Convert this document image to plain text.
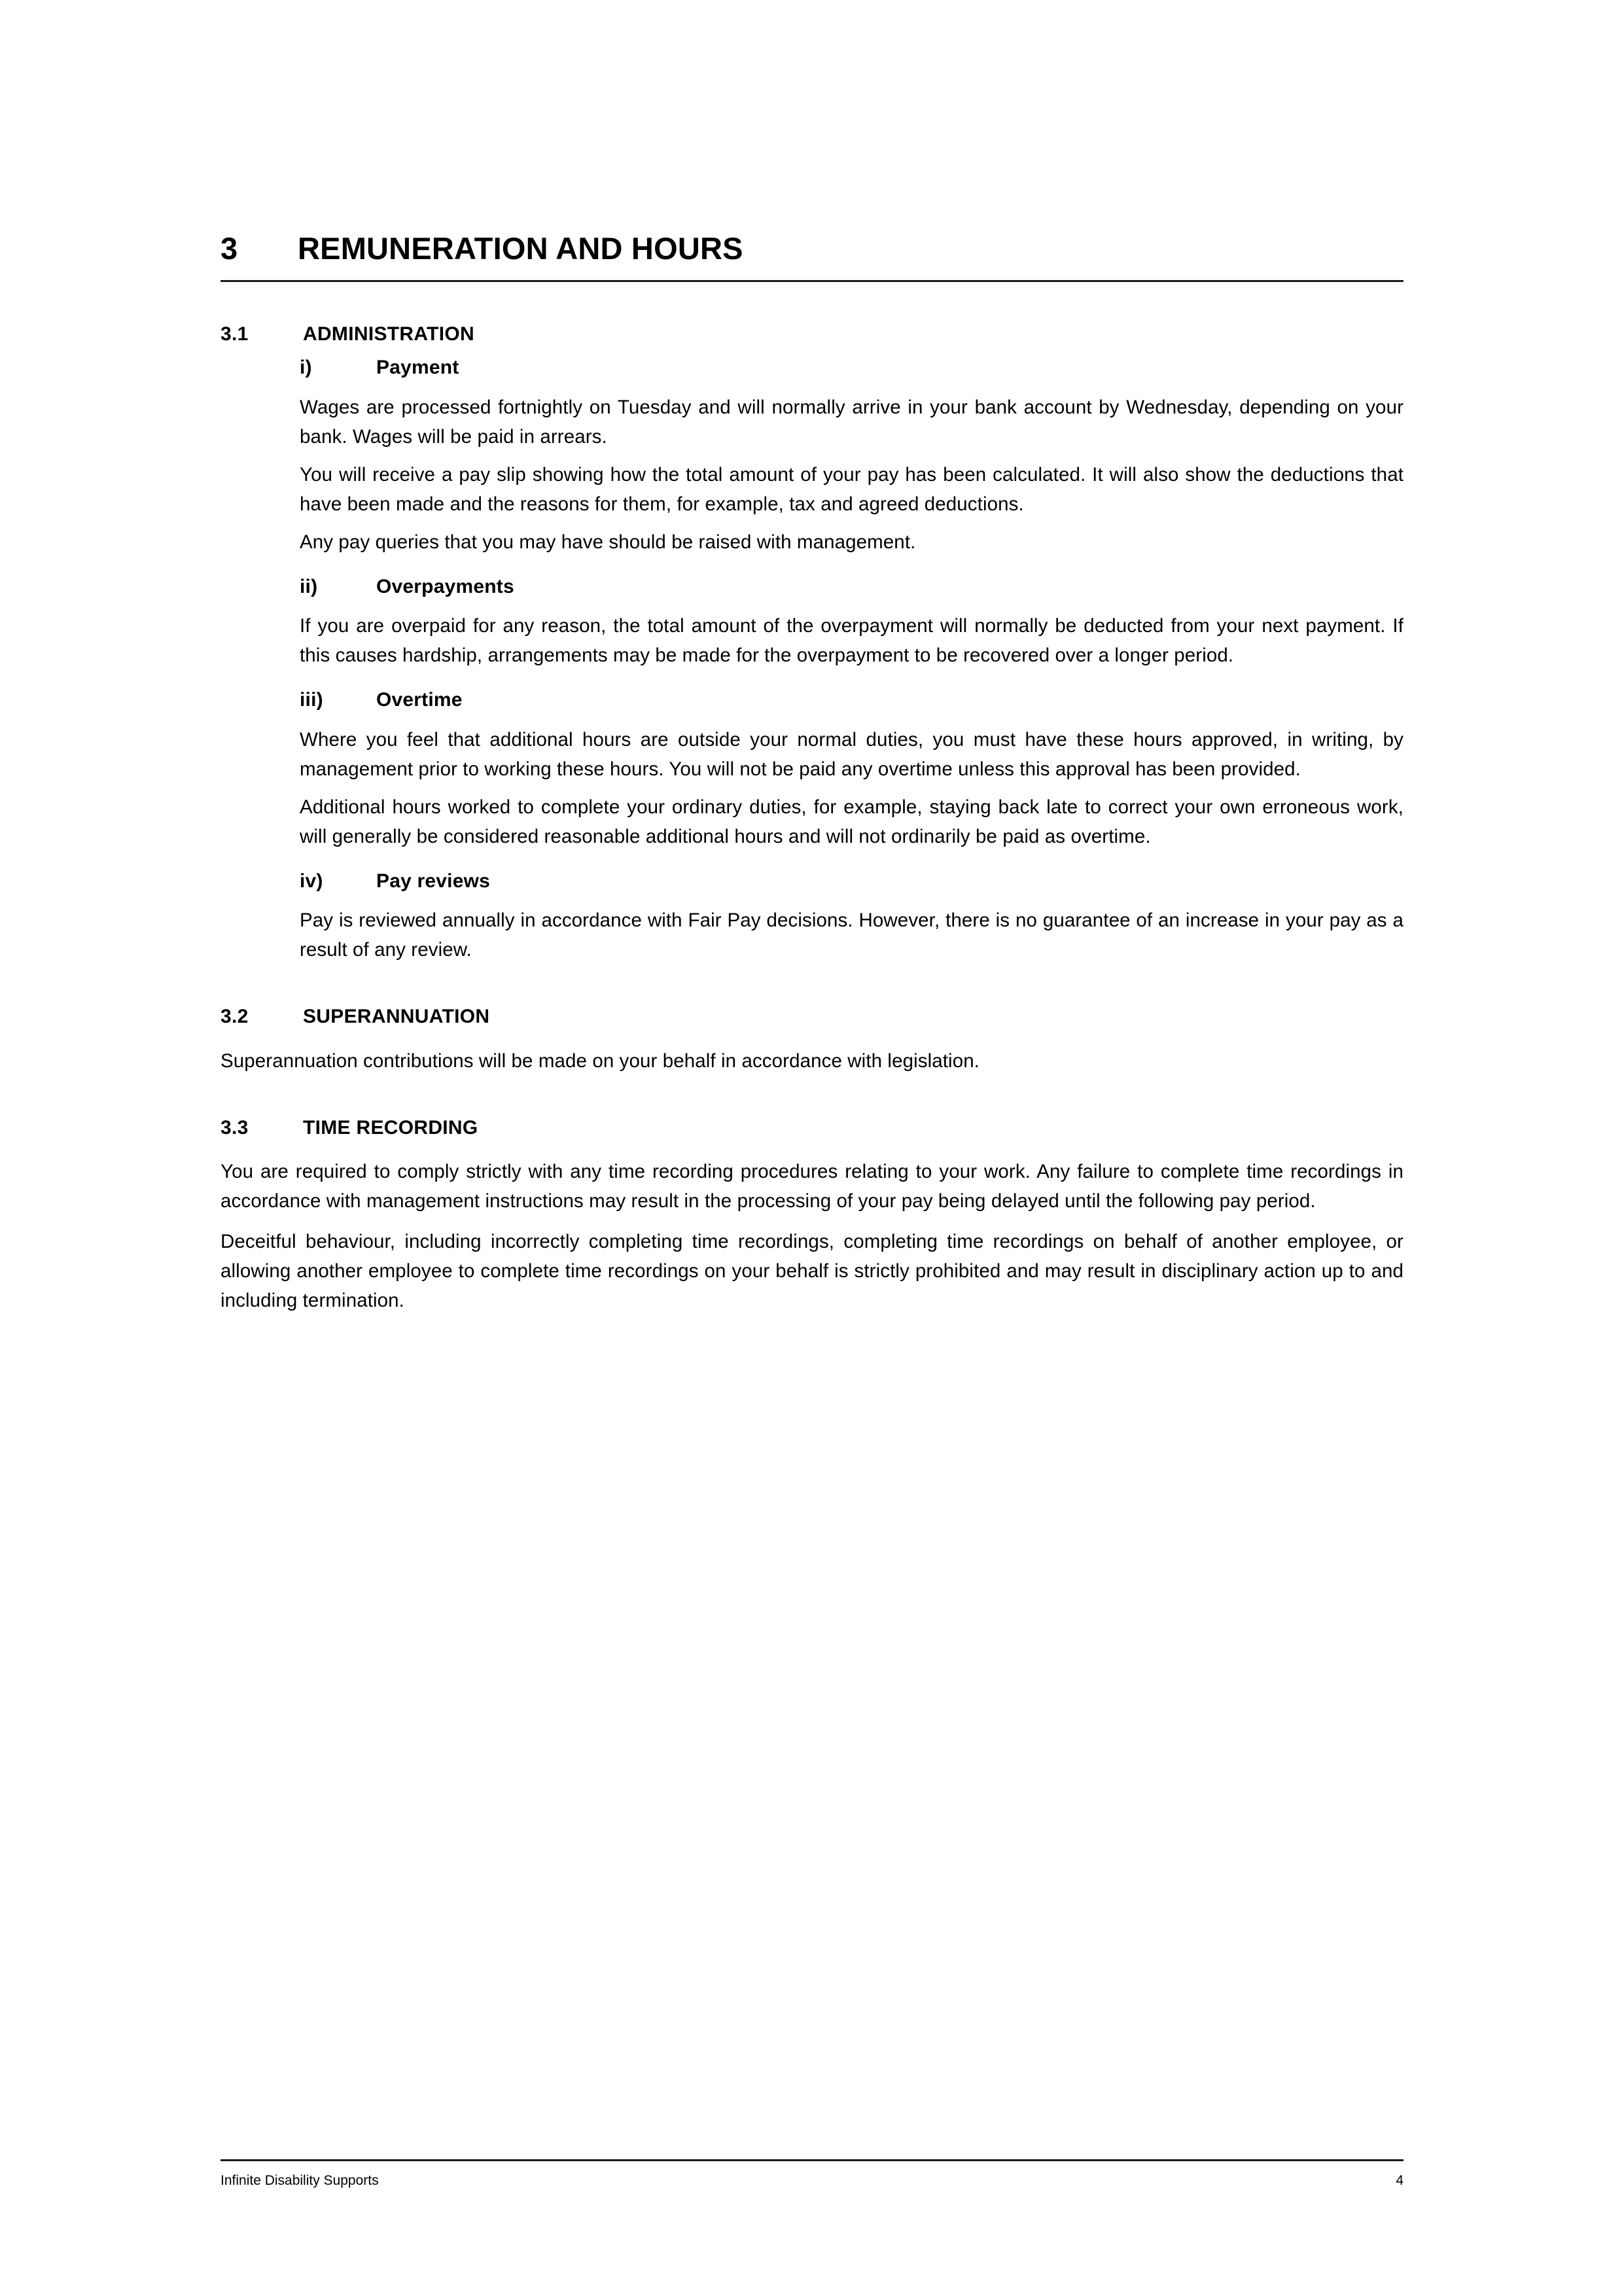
3	REMUNERATION AND HOURS
3.1	ADMINISTRATION
i)	Payment

Wages are processed fortnightly on Tuesday and will normally arrive in your bank account by Wednesday, depending on your bank. Wages will be paid in arrears.

You will receive a pay slip showing how the total amount of your pay has been calculated. It will also show the deductions that have been made and the reasons for them, for example, tax and agreed deductions.

Any pay queries that you may have should be raised with management.

ii)	Overpayments

If you are overpaid for any reason, the total amount of the overpayment will normally be deducted from your next payment. If this causes hardship, arrangements may be made for the overpayment to be recovered over a longer period.

iii)	Overtime

Where you feel that additional hours are outside your normal duties, you must have these hours approved, in writing, by management prior to working these hours. You will not be paid any overtime unless this approval has been provided.

Additional hours worked to complete your ordinary duties, for example, staying back late to correct your own erroneous work, will generally be considered reasonable additional hours and will not ordinarily be paid as overtime.

iv)	Pay reviews

Pay is reviewed annually in accordance with Fair Pay decisions. However, there is no guarantee of an increase in your pay as a result of any review.

3.2	SUPERANNUATION

Superannuation contributions will be made on your behalf in accordance with legislation.

3.3	TIME RECORDING

You are required to comply strictly with any time recording procedures relating to your work. Any failure to complete time recordings in accordance with management instructions may result in the processing of your pay being delayed until the following pay period.

Deceitful behaviour, including incorrectly completing time recordings, completing time recordings on behalf of another employee, or allowing another employee to complete time recordings on your behalf is strictly prohibited and may result in disciplinary action up to and including termination.

Infinite Disability Supports	4
